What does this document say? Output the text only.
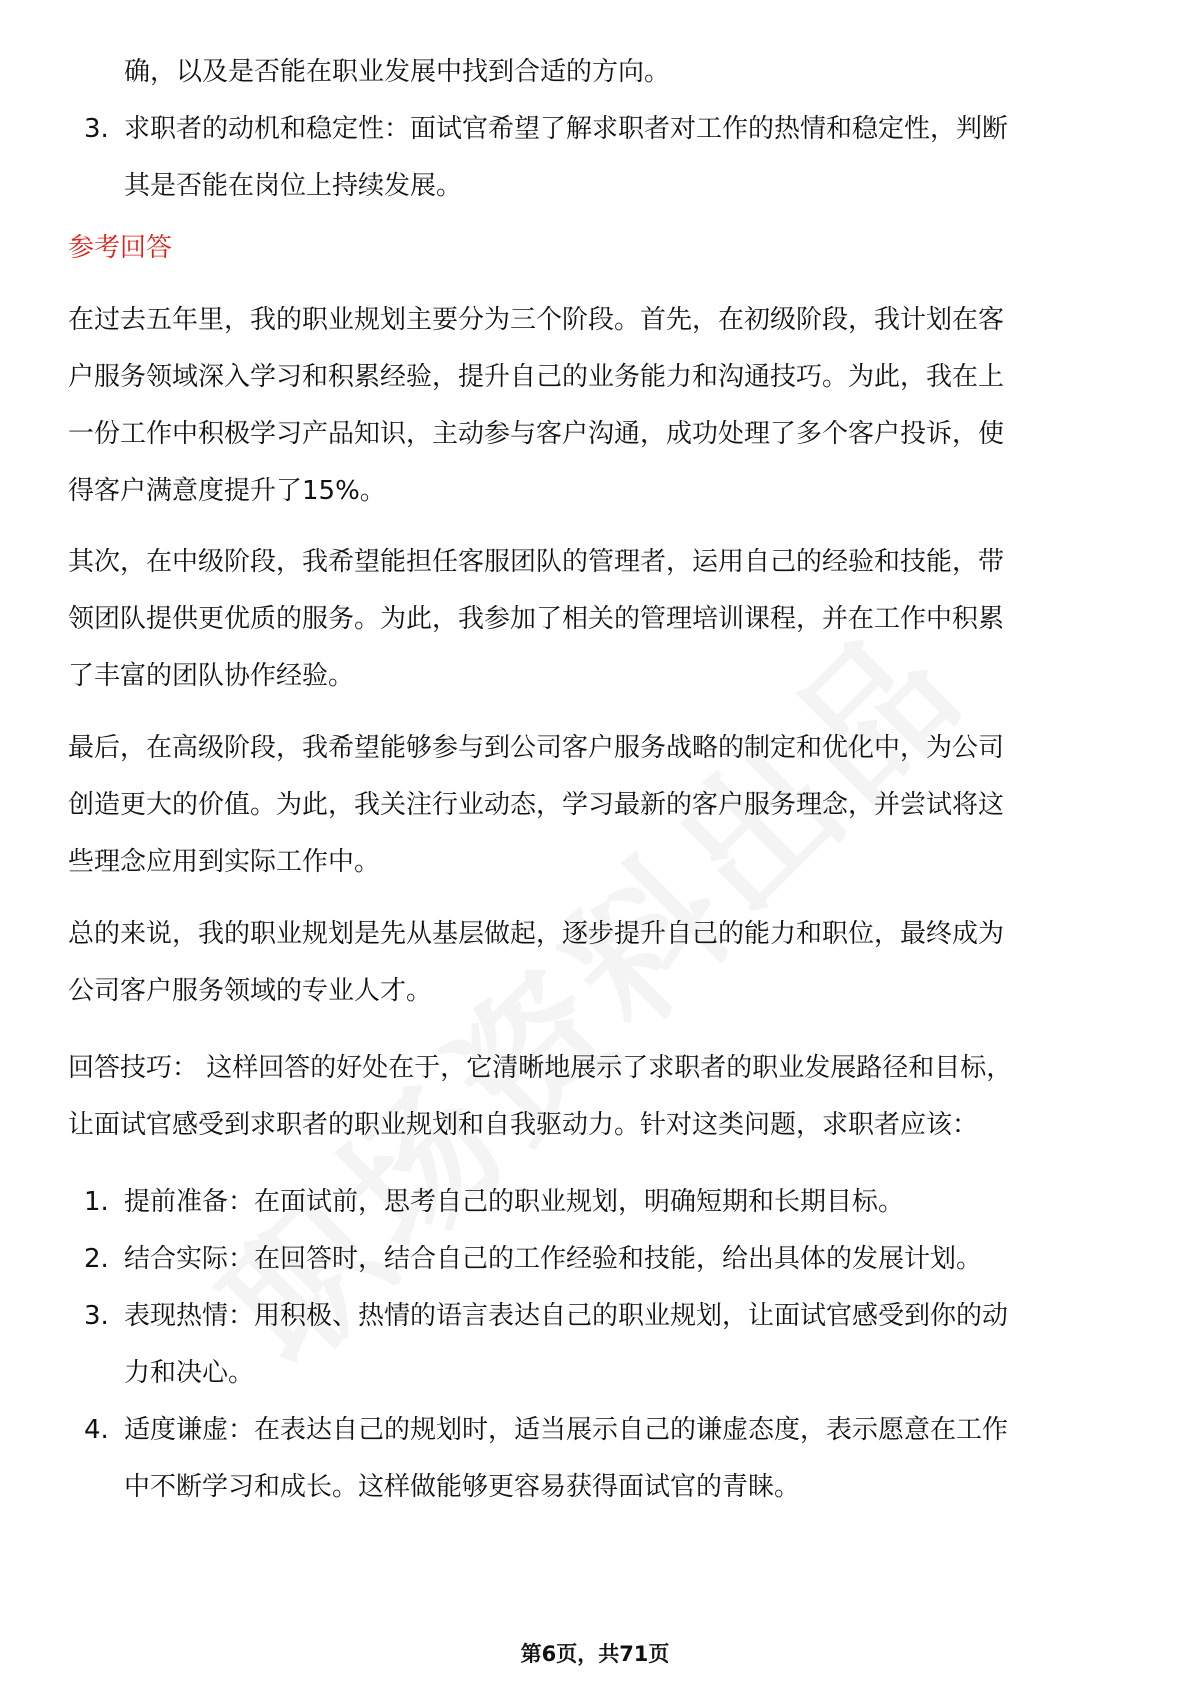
确，以及是否能在职业发展中找到合适的方向。
3. 求职者的动机和稳定性：面试官希望了解求职者对工作的热情和稳定性，判断
其是否能在岗位上持续发展。
参考回答
在过去五年里，我的职业规划主要分为三个阶段。首先，在初级阶段，我计划在客
户服务领域深入学习和积累经验，提升自己的业务能力和沟通技巧。为此，我在上
一份工作中积极学习产品知识，主动参与客户沟通，成功处理了多个客户投诉，使
得客户满意度提升了15%。
其次，在中级阶段，我希望能担任客服团队的管理者，运用自己的经验和技能，带
领团队提供更优质的服务。为此，我参加了相关的管理培训课程，并在工作中积累
了丰富的团队协作经验。
最后，在高级阶段，我希望能够参与到公司客户服务战略的制定和优化中，为公司
创造更大的价值。为此，我关注行业动态，学习最新的客户服务理念，并尝试将这
些理念应用到实际工作中。
总的来说，我的职业规划是先从基层做起，逐步提升自己的能力和职位，最终成为
公司客户服务领域的专业人才。
回答技巧： 这样回答的好处在于，它清晰地展示了求职者的职业发展路径和目标，
让面试官感受到求职者的职业规划和自我驱动力。针对这类问题，求职者应该：
1. 提前准备：在面试前，思考自己的职业规划，明确短期和长期目标。
2. 结合实际：在回答时，结合自己的工作经验和技能，给出具体的发展计划。
3. 表现热情：用积极、热情的语言表达自己的职业规划，让面试官感受到你的动
力和决心。
4. 适度谦虚：在表达自己的规划时，适当展示自己的谦虚态度，表示愿意在工作
中不断学习和成长。这样做能够更容易获得面试官的青睐。
第6页，共71页
